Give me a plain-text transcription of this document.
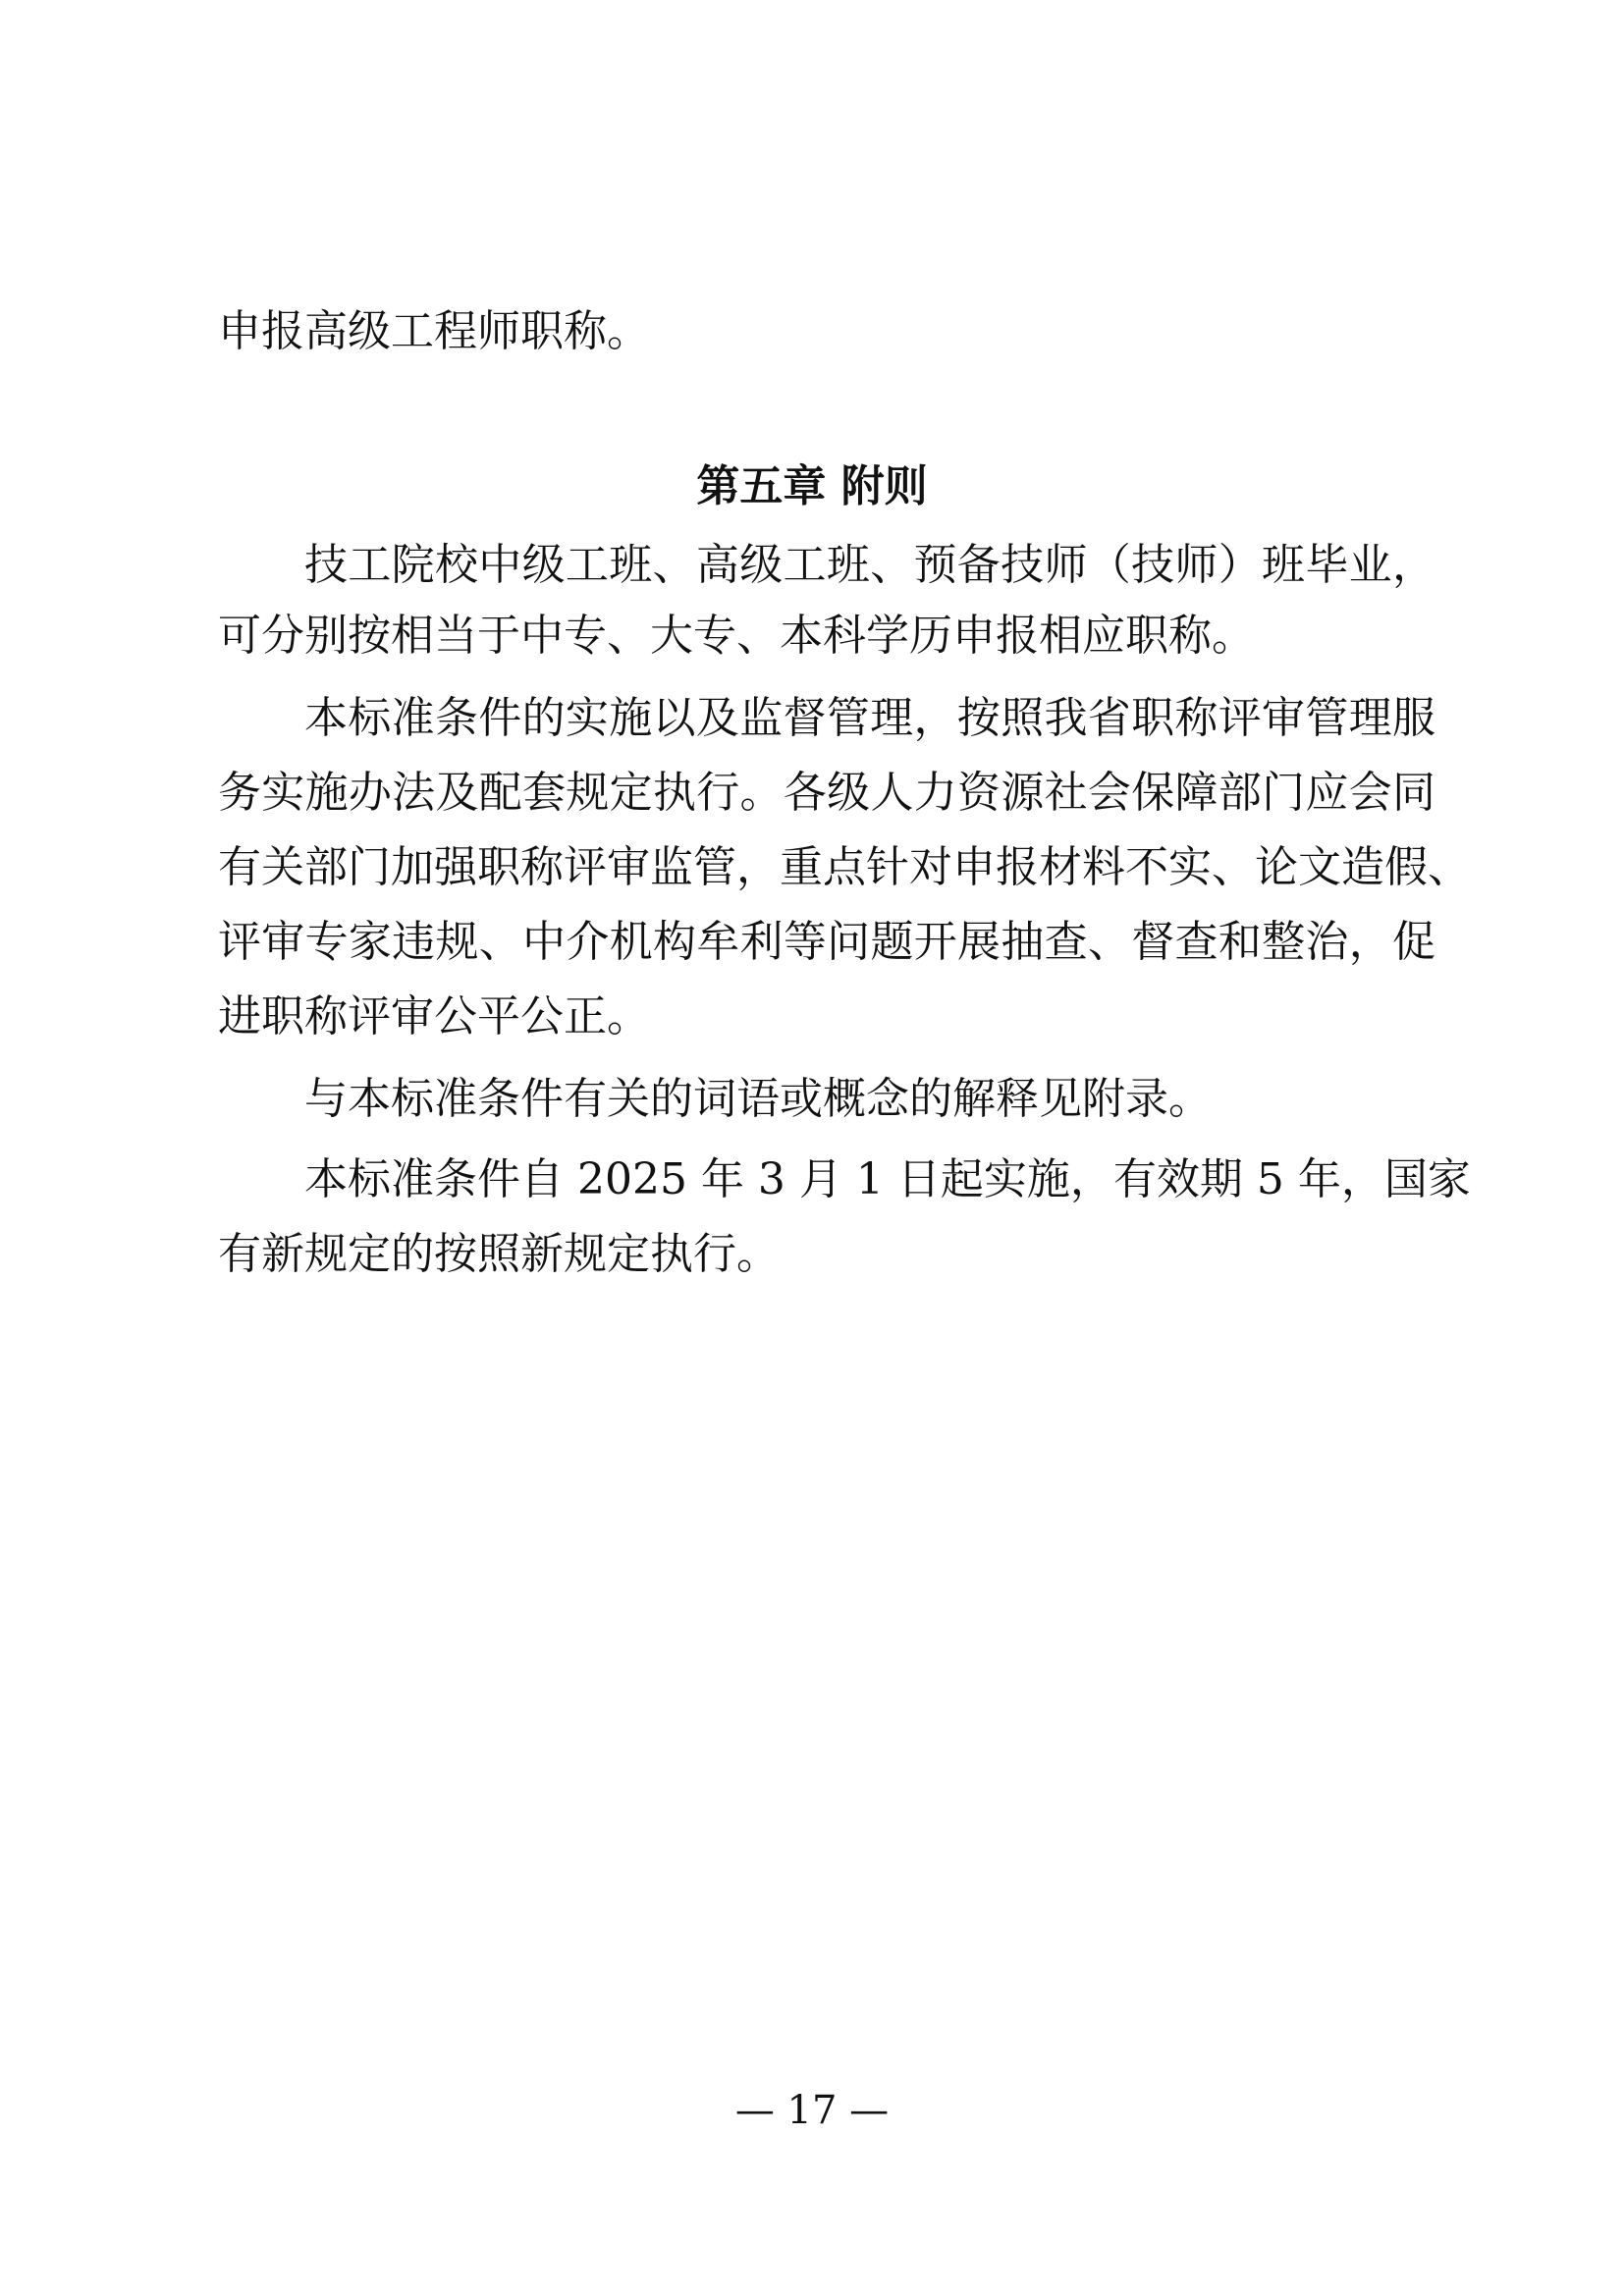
申报高级工程师职称。
第五章 附则
技工院校中级工班、高级工班、预备技师（技师）班毕业，
可分别按相当于中专、大专、本科学历申报相应职称。
本标准条件的实施以及监督管理，按照我省职称评审管理服
务实施办法及配套规定执行。各级人力资源社会保障部门应会同
有关部门加强职称评审监管，重点针对申报材料不实、论文造假、
评审专家违规、中介机构牟利等问题开展抽查、督查和整治，促
进职称评审公平公正。
与本标准条件有关的词语或概念的解释见附录。
本标准条件自 2025 年 3 月 1 日起实施，有效期 5 年，国家
有新规定的按照新规定执行。
— 17 —
